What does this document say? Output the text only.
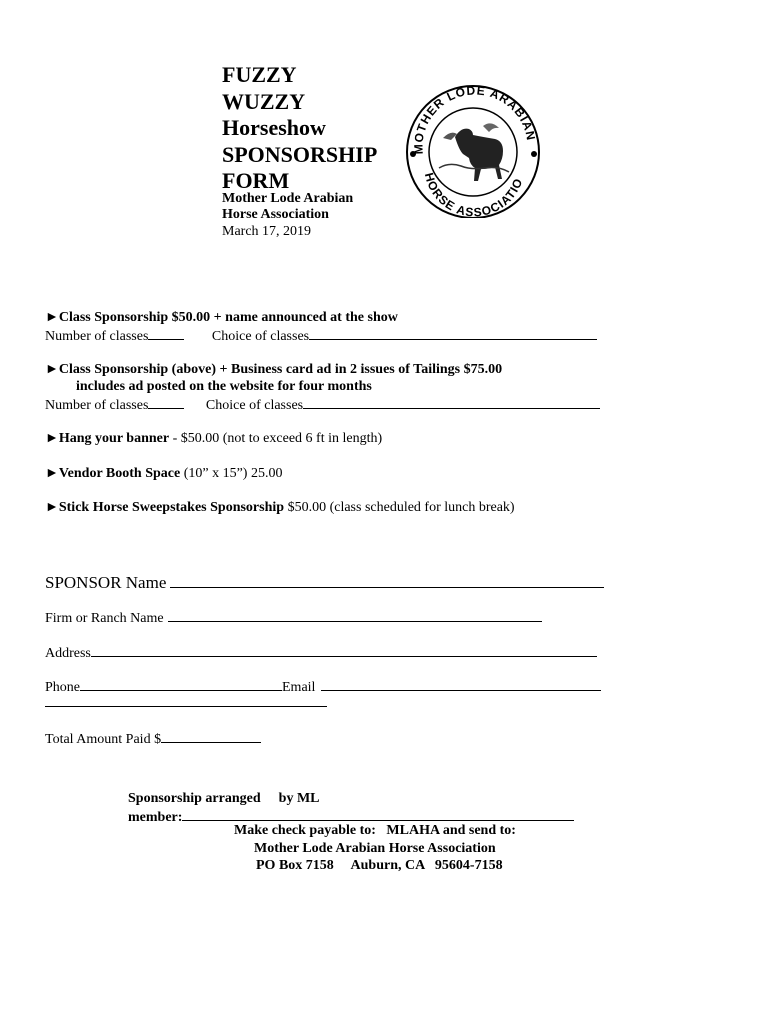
FUZZY
WUZZY
Horseshow
SPONSORSHIP
FORM
Mother Lode Arabian
Horse Association
March 17, 2019
MOTHER LODE ARABIAN
HORSE ASSOCIATIO
►Class Sponsorship $50.00 + name announced at the show
Number of classes	Choice of classes
►Class Sponsorship (above) + Business card ad in 2 issues of Tailings $75.00
includes ad posted on the website for four months
Number of classes	Choice of classes
►Hang your banner - $50.00 (not to exceed 6 ft in length)
►Vendor Booth Space (10” x 15”) 25.00
►Stick Horse Sweepstakes Sponsorship $50.00 (class scheduled for lunch break)
SPONSOR Name
Firm or Ranch Name
Address
Phone	Email
Total Amount Paid $
Sponsorship arranged by ML
member:
Make check payable to:   MLAHA and send to:
Mother Lode Arabian Horse Association
PO Box 7158     Auburn, CA   95604-7158
